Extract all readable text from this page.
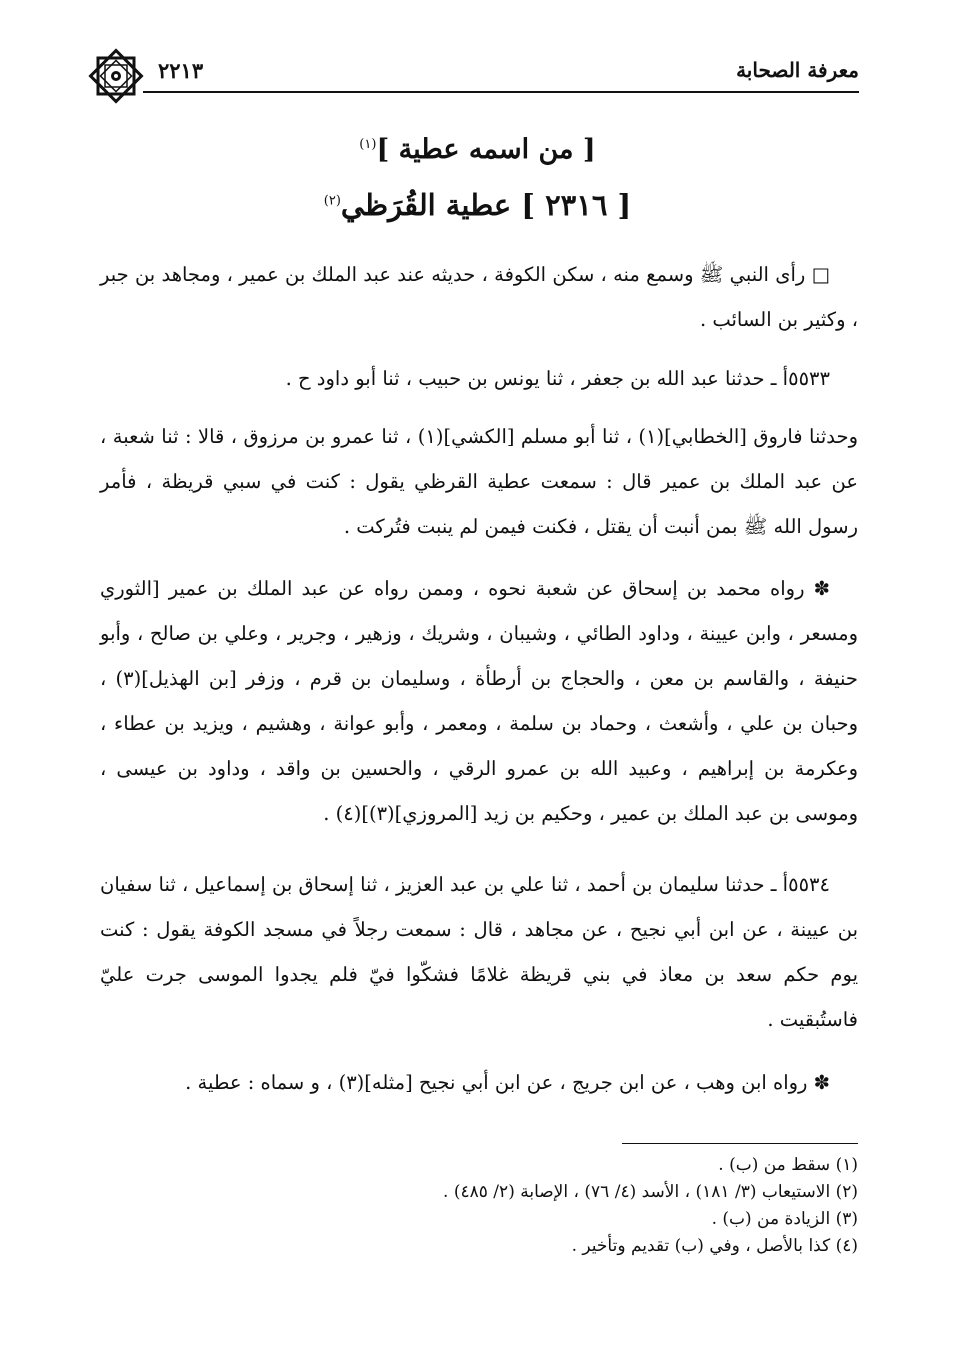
٢٢١٣	معرفة الصحابة
[ من اسمه عطية ]$^{(١)}$
[ ٢٣١٦ ] عطية القُرَظي$^{(٢)}$

□ رأى النبي ﷺ وسمع منه ، سكن الكوفة ، حديثه عند عبد الملك بن عمير ، ومجاهد بن جبر ، وكثير بن السائب .

٥٥٣٣أ ـ حدثنا عبد الله بن جعفر ، ثنا يونس بن حبيب ، ثنا أبو داود ح .

وحدثنا فاروق [الخطابي](١) ، ثنا أبو مسلم [الكشي](١) ، ثنا عمرو بن مرزوق ، قالا : ثنا شعبة ، عن عبد الملك بن عمير قال : سمعت عطية القرظي يقول : كنت في سبي قريظة ، فأمر رسول الله ﷺ بمن أنبت أن يقتل ، فكنت فيمن لم ينبت فتُركت .

✽ رواه محمد بن إسحاق عن شعبة نحوه ، وممن رواه عن عبد الملك بن عمير [الثوري ومسعر ، وابن عيينة ، وداود الطائي ، وشيبان ، وشريك ، وزهير ، وجرير ، وعلي بن صالح ، وأبو حنيفة ، والقاسم بن معن ، والحجاج بن أرطأة ، وسليمان بن قرم ، وزفر [بن الهذيل](٣) ، وحبان بن علي ، وأشعث ، وحماد بن سلمة ، ومعمر ، وأبو عوانة ، وهشيم ، ويزيد بن عطاء ، وعكرمة بن إبراهيم ، وعبيد الله بن عمرو الرقي ، والحسين بن واقد ، وداود بن عيسى ، وموسى بن عبد الملك بن عمير ، وحكيم بن زيد [المروزي](٣)](٤) .

٥٥٣٤أ ـ حدثنا سليمان بن أحمد ، ثنا علي بن عبد العزيز ، ثنا إسحاق بن إسماعيل ، ثنا سفيان بن عيينة ، عن ابن أبي نجيح ، عن مجاهد ، قال : سمعت رجلاً في مسجد الكوفة يقول : كنت يوم حكم سعد بن معاذ في بني قريظة غلامًا فشكّوا فيّ فلم يجدوا الموسى جرت عليّ فاستُبقيت .

✽ رواه ابن وهب ، عن ابن جريج ، عن ابن أبي نجيح [مثله](٣) ، و سماه : عطية .

(١) سقط من (ب) .

(٢) الاستيعاب (٣/ ١٨١) ، الأسد (٤/ ٧٦) ، الإصابة (٢/ ٤٨٥) .

(٣) الزيادة من (ب) .

(٤) كذا بالأصل ، وفي (ب) تقديم وتأخير .
